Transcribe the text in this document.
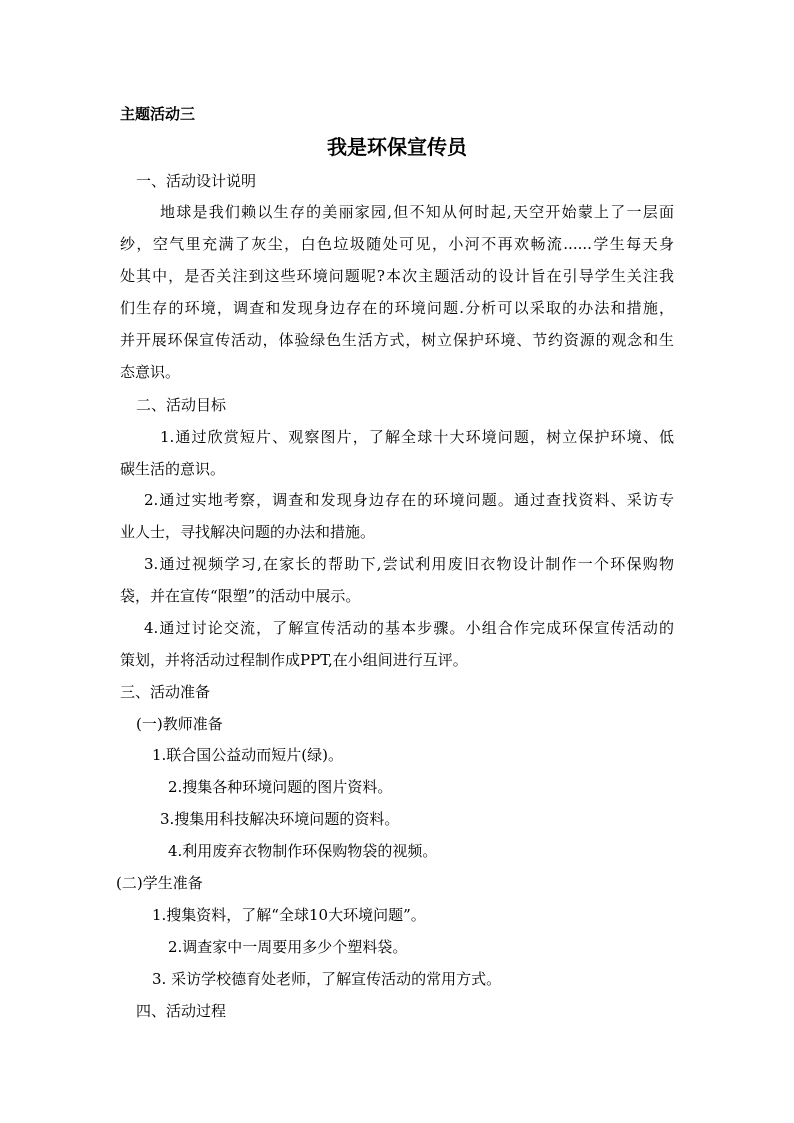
主题活动三
我是环保宣传员
一、活动设计说明
地球是我们赖以生存的美丽家园,但不知从何时起,天空开始蒙上了一层面
纱，空气里充满了灰尘，白色垃圾随处可见，小河不再欢畅流......学生每天身
处其中，是否关注到这些环境问题呢?本次主题活动的设计旨在引导学生关注我
们生存的环境，调查和发现身边存在的环境问题.分析可以采取的办法和措施，
并开展环保宣传活动，体验绿色生活方式，树立保护环境、节约资源的观念和生
态意识。
二、活动目标
1.通过欣赏短片、观察图片，了解全球十大环境问题，树立保护环境、低
碳生活的意识。
2.通过实地考察，调查和发现身边存在的环境问题。通过查找资料、采访专
业人士，寻找解决问题的办法和措施。
3.通过视频学习,在家长的帮助下,尝试利用废旧衣物设计制作一个环保购物
袋，并在宣传“限塑”的活动中展示。
4.通过讨论交流，了解宣传活动的基本步骤。小组合作完成环保宣传活动的
策划，并将活动过程制作成PPT,在小组间进行互评。
三、活动准备
(一)教师准备
1.联合国公益动而短片(绿)。
2.搜集各种环境问题的图片资料。
3.搜集用科技解决环境问题的资料。
4.利用废弃衣物制作环保购物袋的视频。
(二)学生准备
1.搜集资料，了解“全球10大环境问题”。
2.调查家中一周要用多少个塑料袋。
3. 采访学校德育处老师，了解宣传活动的常用方式。
四、活动过程
